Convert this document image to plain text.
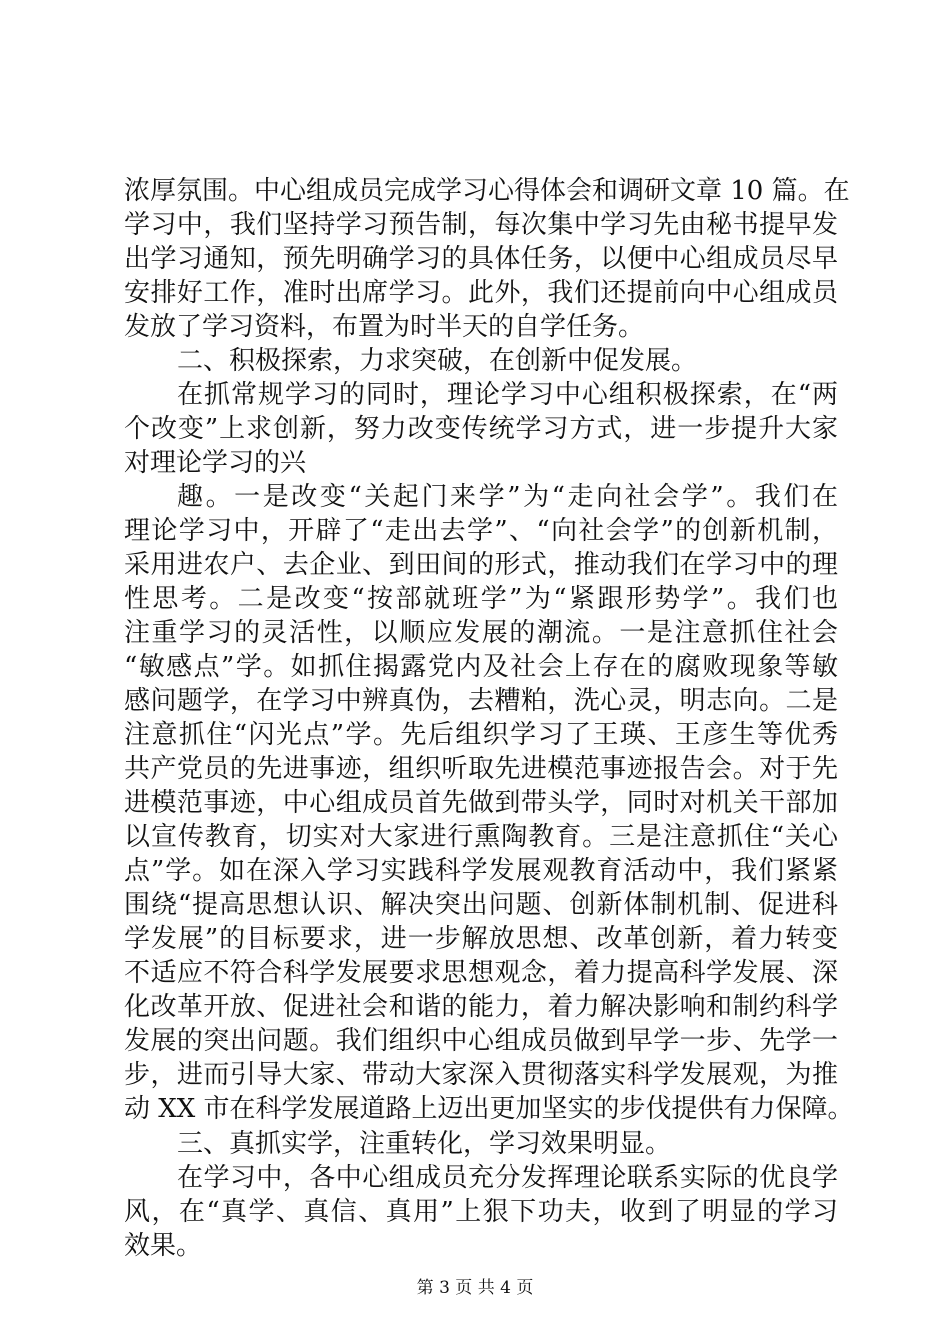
浓厚氛围。中心组成员完成学习心得体会和调研文章 10 篇。在
学习中，我们坚持学习预告制，每次集中学习先由秘书提早发
出学习通知，预先明确学习的具体任务，以便中心组成员尽早
安排好工作，准时出席学习。此外，我们还提前向中心组成员
发放了学习资料，布置为时半天的自学任务。
二、积极探索，力求突破，在创新中促发展。
在抓常规学习的同时，理论学习中心组积极探索，在“两
个改变”上求创新，努力改变传统学习方式，进一步提升大家
对理论学习的兴
趣。一是改变“关起门来学”为“走向社会学”。我们在
理论学习中，开辟了“走出去学”、“向社会学”的创新机制，
采用进农户、去企业、到田间的形式，推动我们在学习中的理
性思考。二是改变“按部就班学”为“紧跟形势学”。我们也
注重学习的灵活性，以顺应发展的潮流。一是注意抓住社会
“敏感点”学。如抓住揭露党内及社会上存在的腐败现象等敏
感问题学，在学习中辨真伪，去糟粕，洗心灵，明志向。二是
注意抓住“闪光点”学。先后组织学习了王瑛、王彦生等优秀
共产党员的先进事迹，组织听取先进模范事迹报告会。对于先
进模范事迹，中心组成员首先做到带头学，同时对机关干部加
以宣传教育，切实对大家进行熏陶教育。三是注意抓住“关心
点”学。如在深入学习实践科学发展观教育活动中，我们紧紧
围绕“提高思想认识、解决突出问题、创新体制机制、促进科
学发展”的目标要求，进一步解放思想、改革创新，着力转变
不适应不符合科学发展要求思想观念，着力提高科学发展、深
化改革开放、促进社会和谐的能力，着力解决影响和制约科学
发展的突出问题。我们组织中心组成员做到早学一步、先学一
步，进而引导大家、带动大家深入贯彻落实科学发展观，为推
动 XX 市在科学发展道路上迈出更加坚实的步伐提供有力保障。
三、真抓实学，注重转化，学习效果明显。
在学习中，各中心组成员充分发挥理论联系实际的优良学
风，在“真学、真信、真用”上狠下功夫，收到了明显的学习
效果。
第 3 页 共 4 页
